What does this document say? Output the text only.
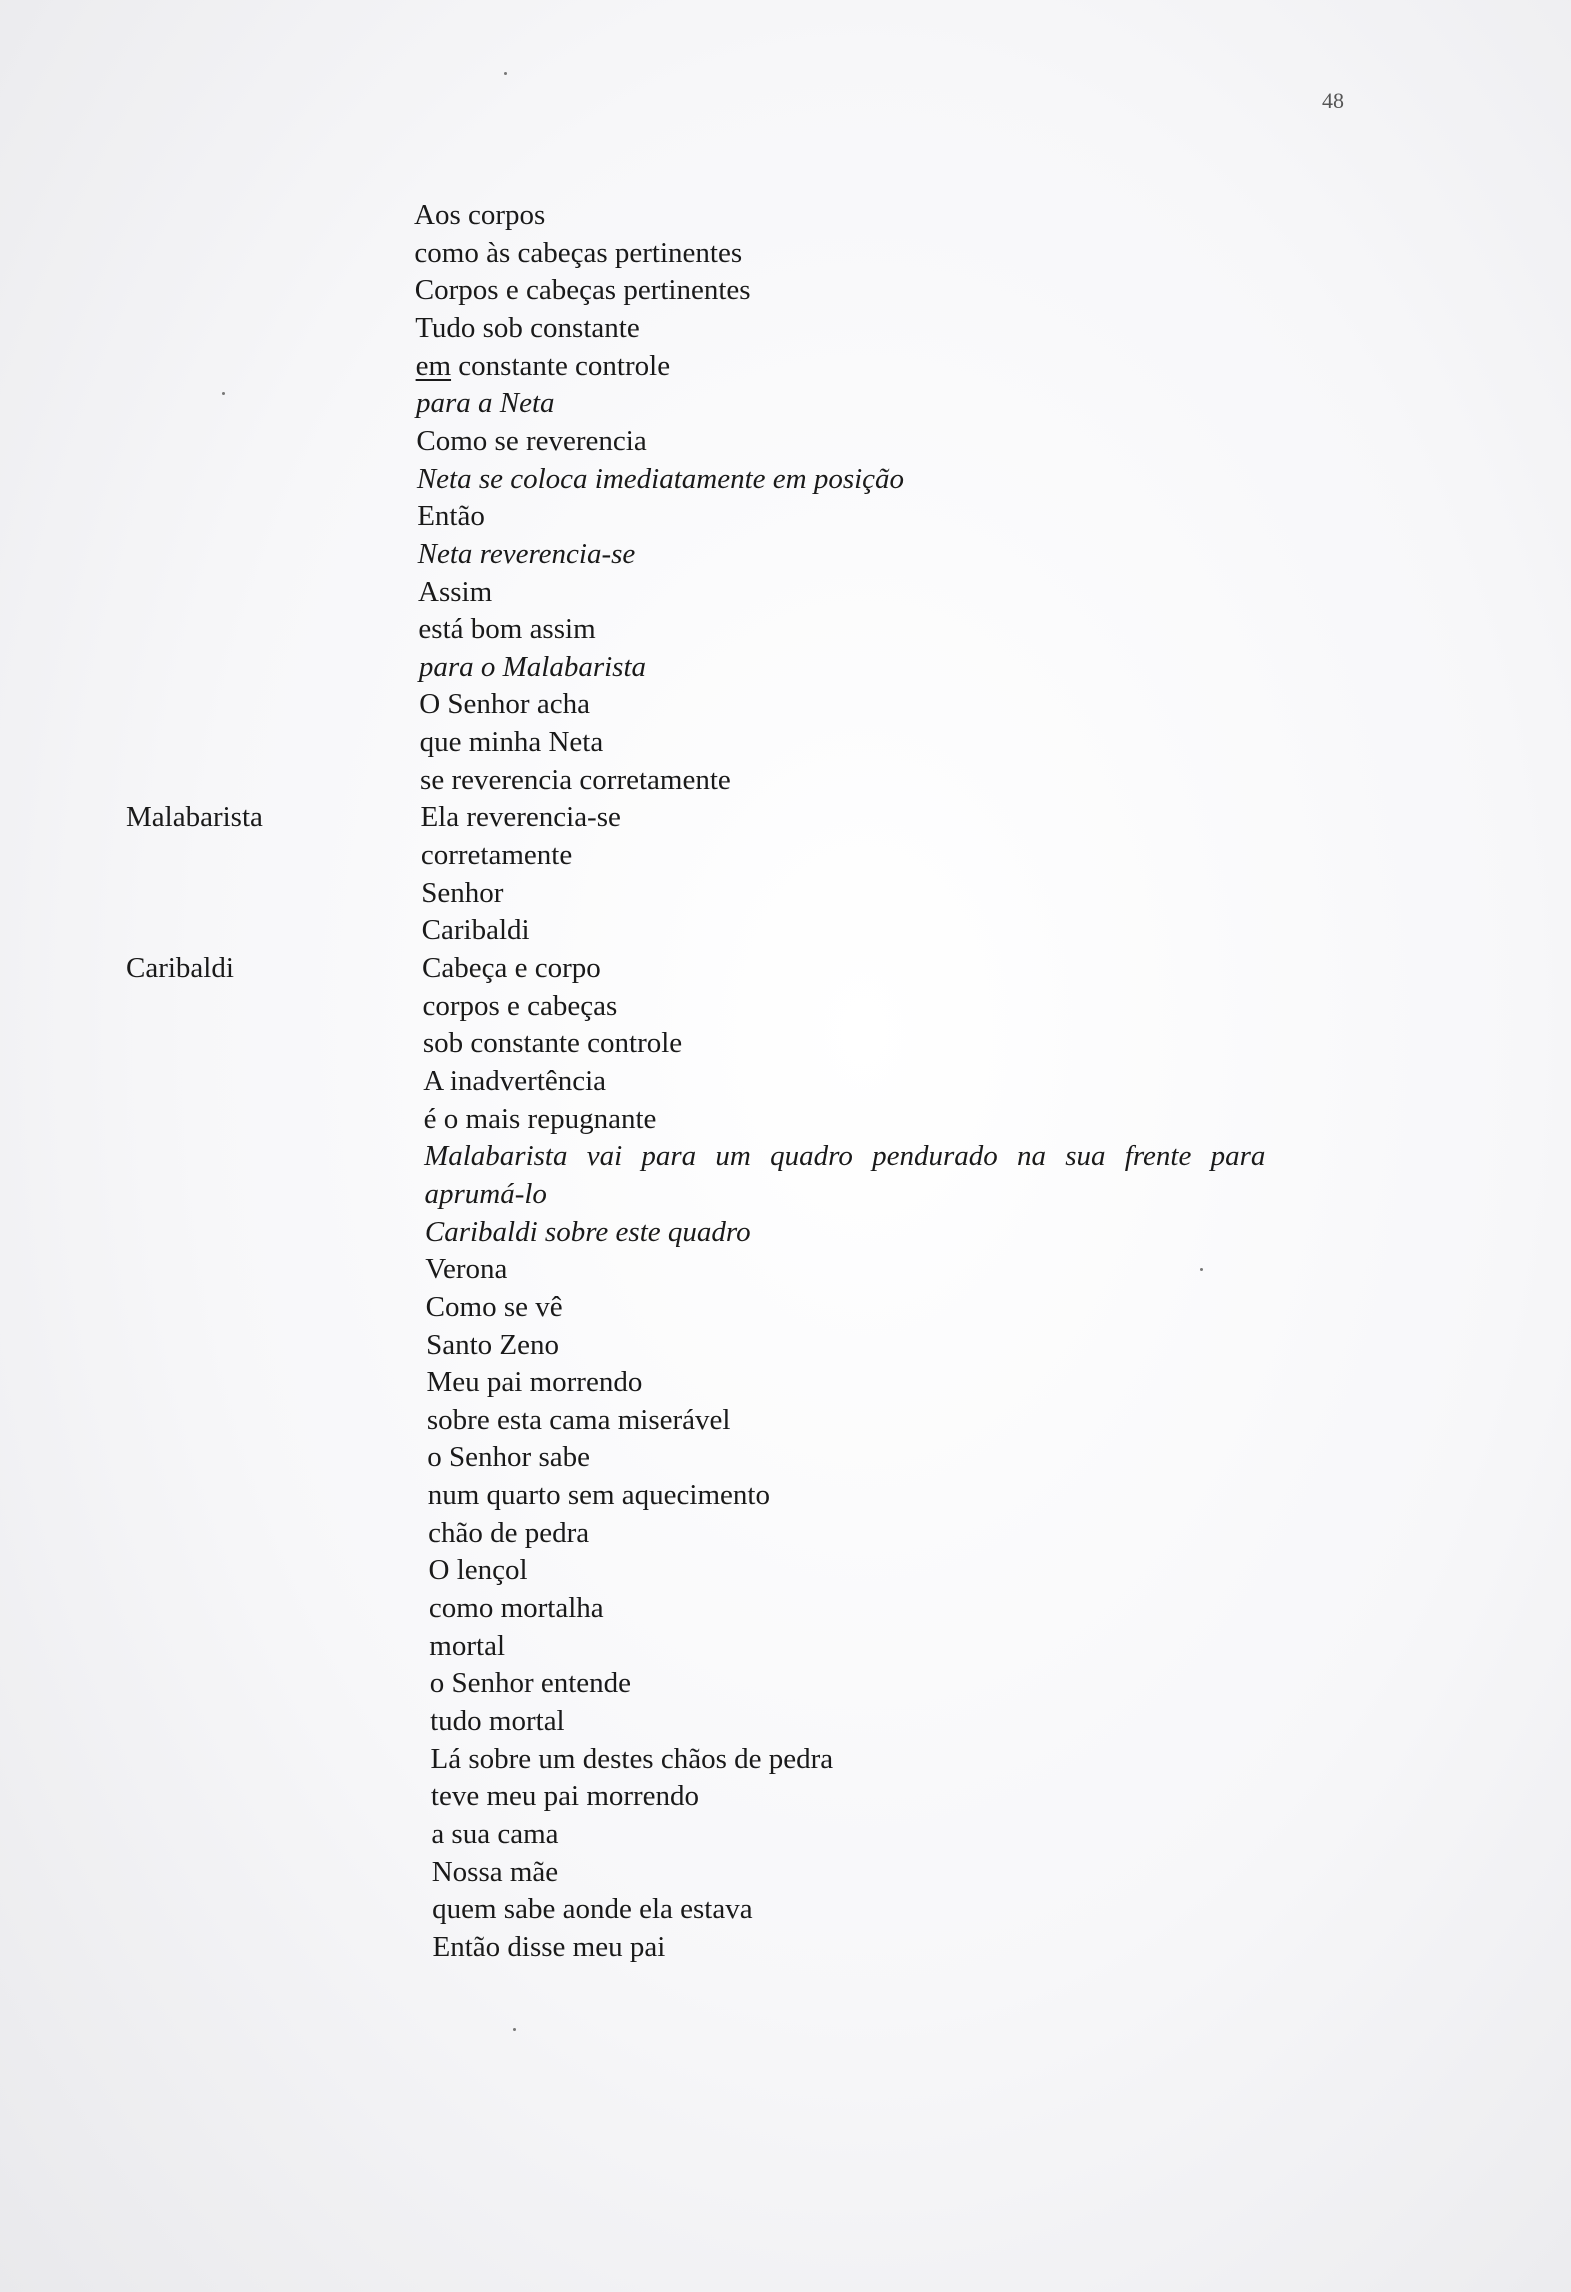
48
Malabarista
Caribaldi
Aos corpos
como às cabeças pertinentes
Corpos e cabeças pertinentes
Tudo sob constante
em constante controle
para a Neta
Como se reverencia
Neta se coloca imediatamente em posição
Então
Neta reverencia-se
Assim
está bom assim
para o Malabarista
O Senhor acha
que minha Neta
se reverencia corretamente
Ela reverencia-se
corretamente
Senhor
Caribaldi
Cabeça e corpo
corpos e cabeças
sob constante controle
A inadvertência
é o mais repugnante
Malabarista vai para um quadro pendurado na sua frente para
aprumá-lo
Caribaldi sobre este quadro
Verona
Como se vê
Santo Zeno
Meu pai morrendo
sobre esta cama miserável
o Senhor sabe
num quarto sem aquecimento
chão de pedra
O lençol
como mortalha
mortal
o Senhor entende
tudo mortal
Lá sobre um destes chãos de pedra
teve meu pai morrendo
a sua cama
Nossa mãe
quem sabe aonde ela estava
Então disse meu pai
